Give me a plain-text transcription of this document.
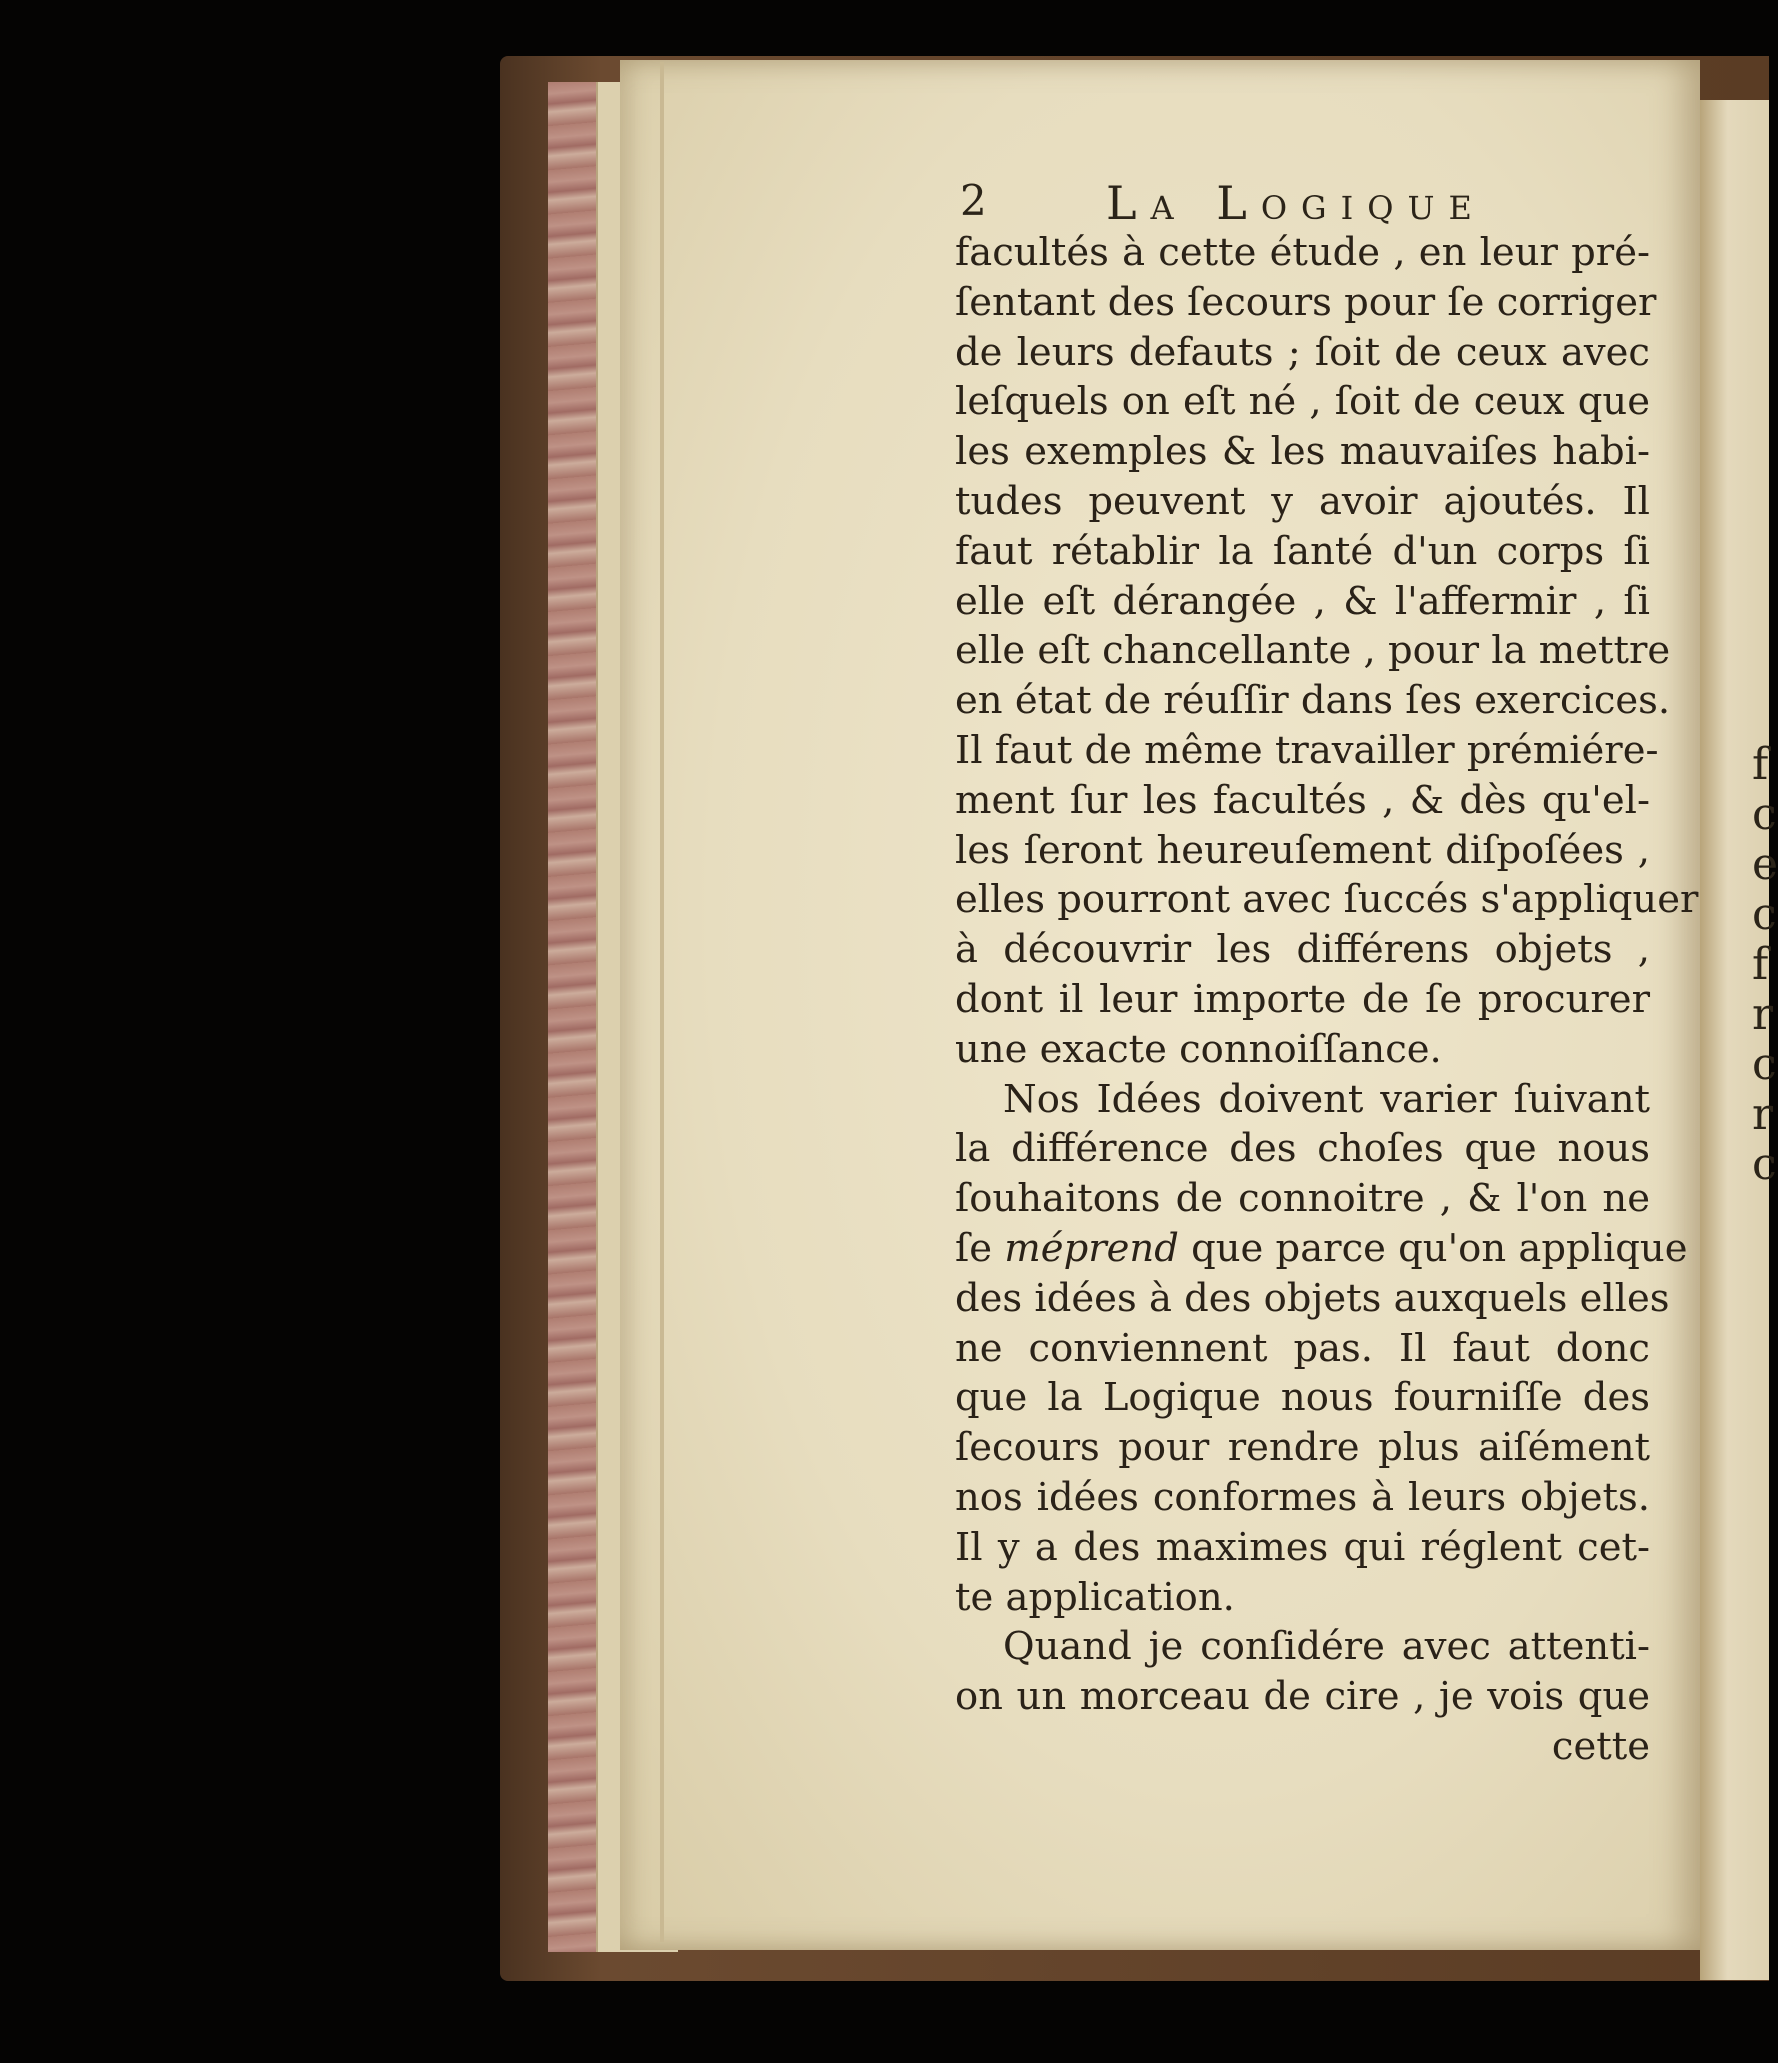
f
c
e
c
f
r
c
r
c
2	La Logique
facultés à cette étude , en leur pré-
ſentant des ſecours pour ſe corriger
de leurs defauts ; ſoit de ceux avec
leſquels on eſt né , ſoit de ceux que
les exemples & les mauvaiſes habi-
tudes peuvent y avoir ajoutés. Il
faut rétablir la ſanté d'un corps ſi
elle eſt dérangée , & l'affermir , ſi
elle eſt chancellante , pour la mettre
en état de réuſſir dans ſes exercices.
Il faut de même travailler prémiére-
ment ſur les facultés , & dès qu'el-
les ſeront heureuſement diſpoſées ,
elles pourront avec ſuccés s'appliquer
à découvrir les différens objets ,
dont il leur importe de ſe procurer
une exacte connoiſſance.
Nos Idées doivent varier ſuivant
la différence des choſes que nous
ſouhaitons de connoitre , & l'on ne
ſe méprend que parce qu'on applique
des idées à des objets auxquels elles
ne conviennent pas. Il faut donc
que la Logique nous fourniſſe des
ſecours pour rendre plus aiſément
nos idées conformes à leurs objets.
Il y a des maximes qui réglent cet-
te application.
Quand je conſidére avec attenti-
on un morceau de cire , je vois que
cette
